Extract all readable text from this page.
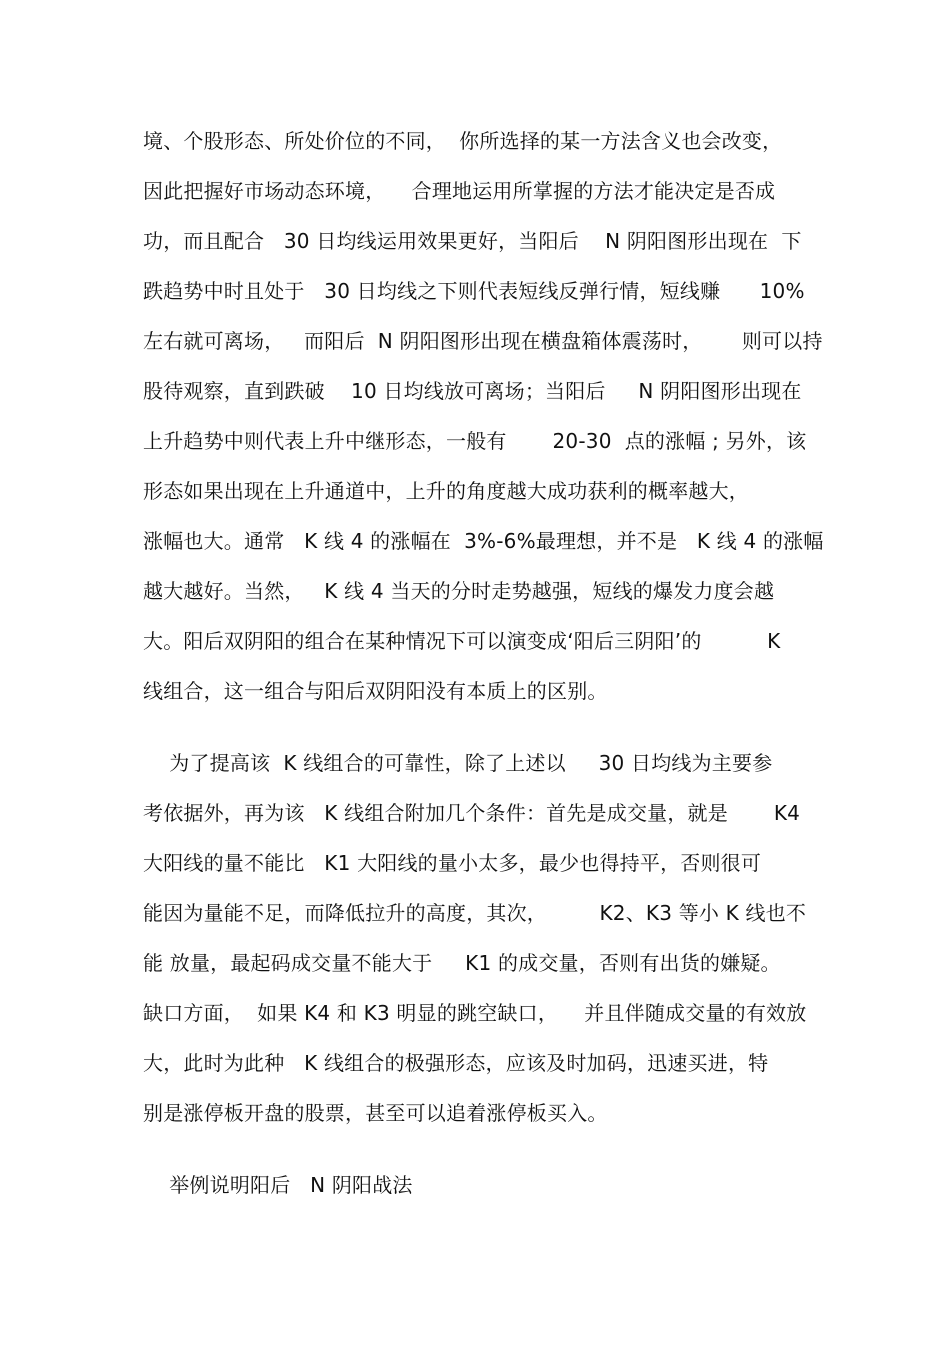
境、个股形态、所处价位的不同，  你所选择的某一方法含义也会改变，
因此把握好市场动态环境，    合理地运用所掌握的方法才能决定是否成
功，而且配合   30 日均线运用效果更好，当阳后    N 阴阳图形出现在  下
跌趋势中时且处于   30 日均线之下则代表短线反弹行情，短线赚      10%
左右就可离场，   而阳后  N 阴阳图形出现在横盘箱体震荡时，      则可以持
股待观察，直到跌破    10 日均线放可离场；当阳后     N 阴阳图形出现在
上升趋势中则代表上升中继形态，一般有       20-30  点的涨幅 ; 另外，该
形态如果出现在上升通道中，上升的角度越大成功获利的概率越大，
涨幅也大。通常   K 线 4 的涨幅在  3%-6%最理想，并不是   K 线 4 的涨幅
越大越好。当然，   K 线 4 当天的分时走势越强，短线的爆发力度会越
大。阳后双阴阳的组合在某种情况下可以演变成‘阳后三阴阳’的          K
线组合，这一组合与阳后双阴阳没有本质上的区别。
为了提高该  K 线组合的可靠性，除了上述以     30 日均线为主要参
考依据外，再为该   K 线组合附加几个条件：首先是成交量，就是       K4
大阳线的量不能比   K1 大阳线的量小太多，最少也得持平，否则很可
能因为量能不足，而降低拉升的高度，其次，        K2、K3 等小 K 线也不
能 放量，最起码成交量不能大于     K1 的成交量，否则有出货的嫌疑。
缺口方面，  如果 K4 和 K3 明显的跳空缺口，    并且伴随成交量的有效放
大，此时为此种   K 线组合的极强形态，应该及时加码，迅速买进，特
别是涨停板开盘的股票，甚至可以追着涨停板买入。
举例说明阳后   N 阴阳战法
